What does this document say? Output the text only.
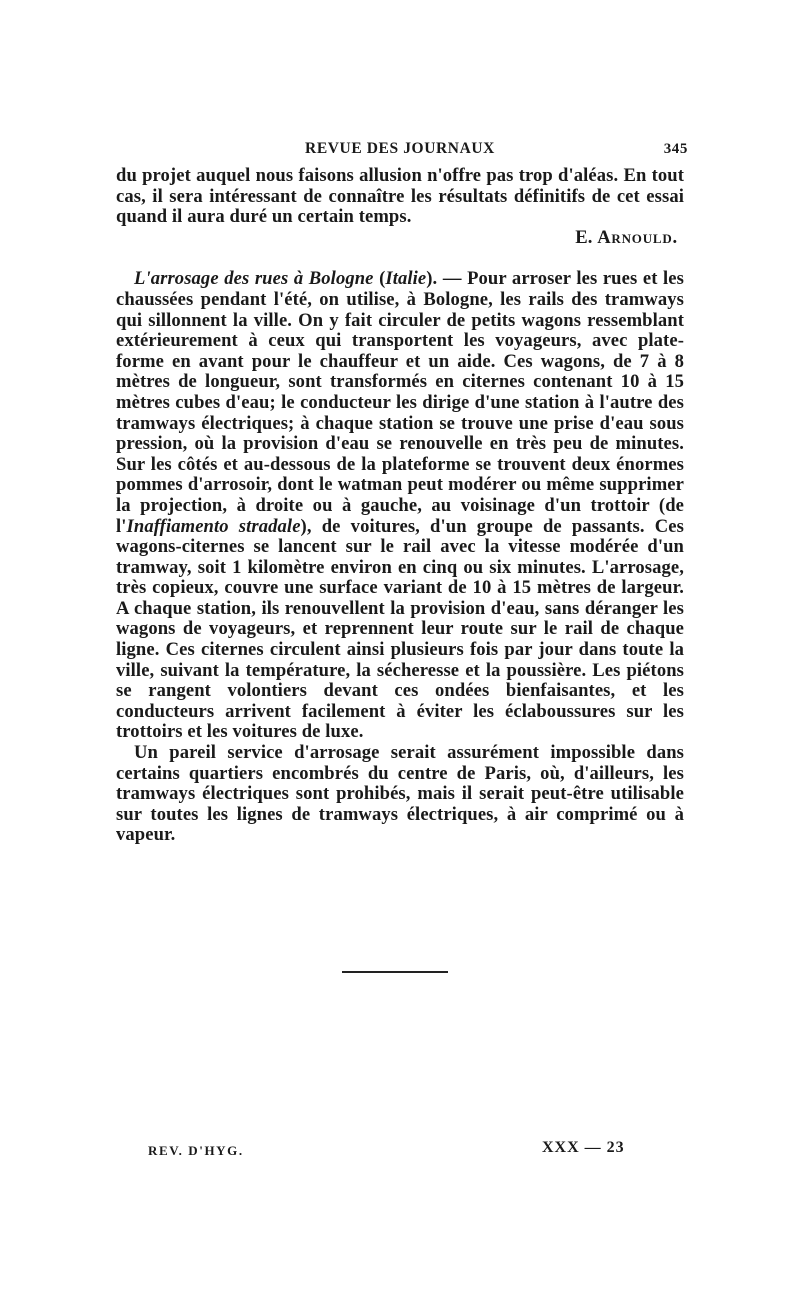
REVUE DES JOURNAUX	345

du projet auquel nous faisons allusion n'offre pas trop d'aléas. En tout cas, il sera intéressant de connaître les résultats définitifs de cet essai quand il aura duré un certain temps.

E. Arnould.

L'arrosage des rues à Bologne (Italie). — Pour arroser les rues et les chaussées pendant l'été, on utilise, à Bologne, les rails des tramways qui sillonnent la ville. On y fait circuler de petits wagons ressemblant extérieurement à ceux qui transportent les voyageurs, avec plate-forme en avant pour le chauffeur et un aide. Ces wagons, de 7 à 8 mètres de longueur, sont transformés en citernes contenant 10 à 15 mètres cubes d'eau; le conducteur les dirige d'une station à l'autre des tramways électriques; à chaque station se trouve une prise d'eau sous pression, où la provision d'eau se renouvelle en très peu de minutes. Sur les côtés et au-dessous de la plateforme se trouvent deux énormes pommes d'arrosoir, dont le watman peut modérer ou même supprimer la projection, à droite ou à gauche, au voisinage d'un trottoir (de l'Inaffiamento stradale), de voitures, d'un groupe de passants. Ces wagons-citernes se lancent sur le rail avec la vitesse modérée d'un tramway, soit 1 kilomètre environ en cinq ou six minutes. L'arrosage, très copieux, couvre une surface variant de 10 à 15 mètres de largeur. A chaque station, ils renouvellent la provision d'eau, sans déranger les wagons de voyageurs, et reprennent leur route sur le rail de chaque ligne. Ces citernes circulent ainsi plusieurs fois par jour dans toute la ville, suivant la température, la sécheresse et la poussière. Les piétons se rangent volontiers devant ces ondées bienfaisantes, et les conducteurs arrivent facilement à éviter les éclaboussures sur les trottoirs et les voitures de luxe.

Un pareil service d'arrosage serait assurément impossible dans certains quartiers encombrés du centre de Paris, où, d'ailleurs, les tramways électriques sont prohibés, mais il serait peut-être utilisable sur toutes les lignes de tramways électriques, à air comprimé ou à vapeur.

REV. D'HYG.	XXX — 23
